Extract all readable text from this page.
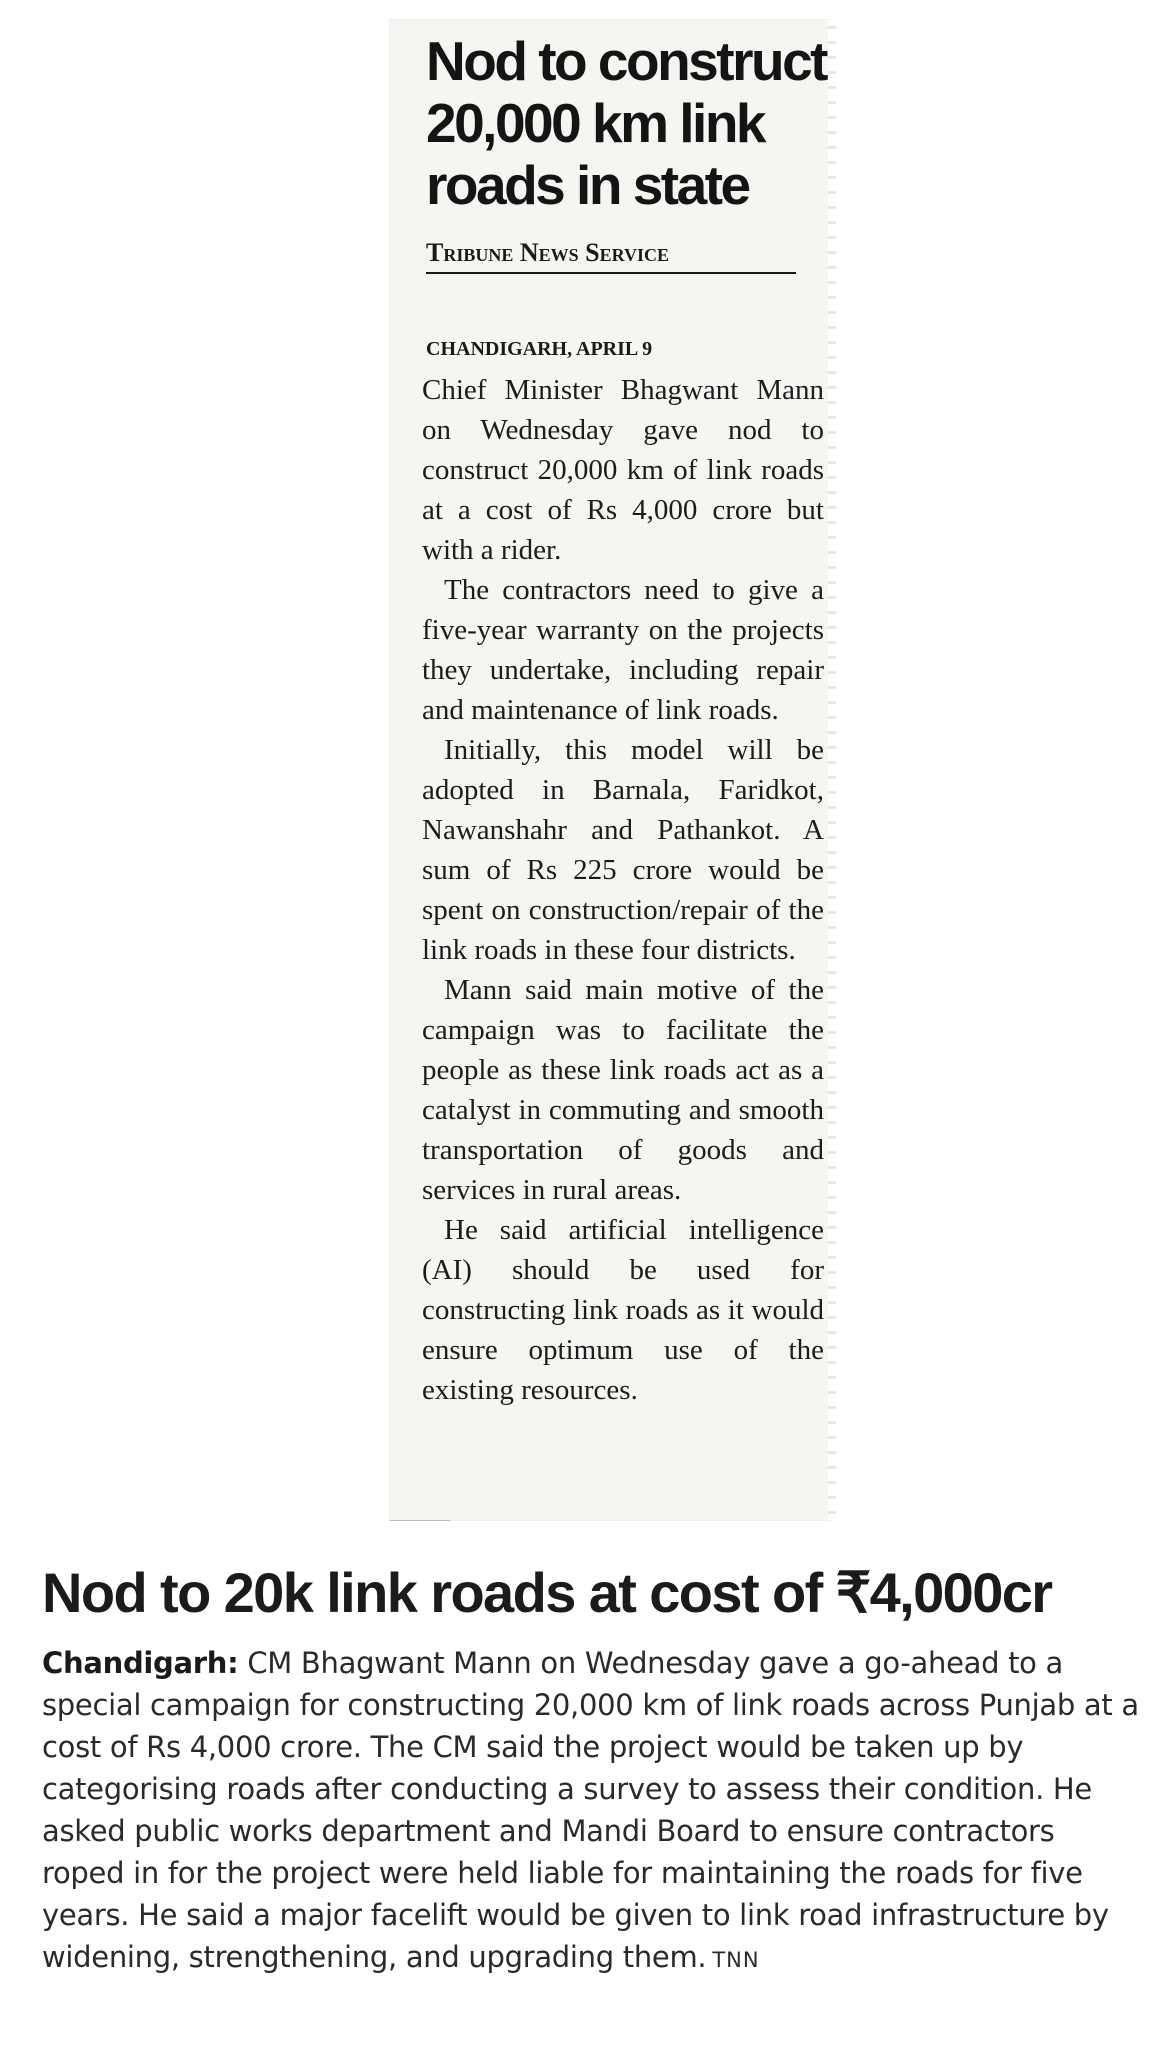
Nod to construct 20,000 km link roads in state
Tribune News Service
CHANDIGARH, APRIL 9

Chief Minister Bhagwant Mann on Wednesday gave nod to construct 20,000 km of link roads at a cost of Rs 4,000 crore but with a rider.

The contractors need to give a five-year warranty on the projects they undertake, including repair and maintenance of link roads.

Initially, this model will be adopted in Barnala, Faridkot, Nawanshahr and Pathankot. A sum of Rs 225 crore would be spent on construction/repair of the link roads in these four districts.

Mann said main motive of the campaign was to facilitate the people as these link roads act as a catalyst in commuting and smooth transportation of goods and services in rural areas.

He said artificial intelligence (AI) should be used for constructing link roads as it would ensure optimum use of the existing resources.

Nod to 20k link roads at cost of ₹4,000cr

Chandigarh: CM Bhagwant Mann on Wednesday gave a go-ahead to a special campaign for constructing 20,000 km of link roads across Punjab at a cost of Rs 4,000 crore. The CM said the project would be taken up by categorising roads after conducting a survey to assess their condition. He asked public works department and Mandi Board to ensure contractors roped in for the project were held liable for maintaining the roads for five years. He said a major facelift would be given to link road infrastructure by widening, strengthening, and upgrading them. TNN
